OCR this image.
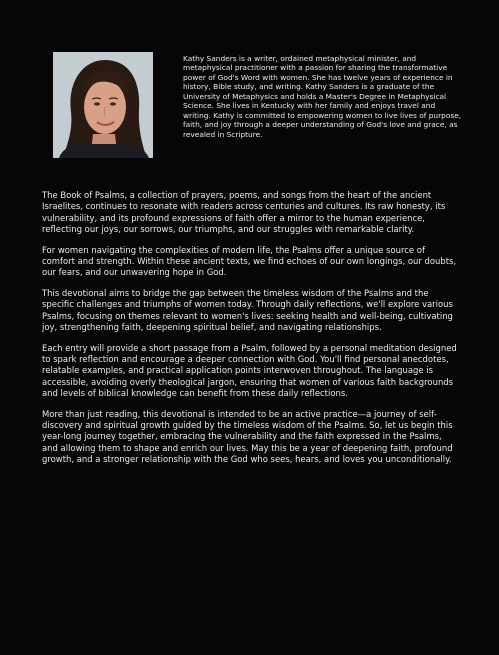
Kathy Sanders is a writer, ordained metaphysical minister, and metaphysical practitioner with a passion for sharing the transformative power of God's Word with women. She has twelve years of experience in history, Bible study, and writing. Kathy Sanders is a graduate of the University of Metaphysics and holds a Master's Degree in Metaphysical Science. She lives in Kentucky with her family and enjoys travel and writing. Kathy is committed to empowering women to live lives of purpose, faith, and joy through a deeper understanding of God's love and grace, as revealed in Scripture.

The Book of Psalms, a collection of prayers, poems, and songs from the heart of the ancient Israelites, continues to resonate with readers across centuries and cultures. Its raw honesty, its vulnerability, and its profound expressions of faith offer a mirror to the human experience, reflecting our joys, our sorrows, our triumphs, and our struggles with remarkable clarity.

For women navigating the complexities of modern life, the Psalms offer a unique source of comfort and strength. Within these ancient texts, we find echoes of our own longings, our doubts, our fears, and our unwavering hope in God.

This devotional aims to bridge the gap between the timeless wisdom of the Psalms and the specific challenges and triumphs of women today. Through daily reflections, we'll explore various Psalms, focusing on themes relevant to women's lives: seeking health and well-being, cultivating joy, strengthening faith, deepening spiritual belief, and navigating relationships.

Each entry will provide a short passage from a Psalm, followed by a personal meditation designed to spark reflection and encourage a deeper connection with God. You'll find personal anecdotes, relatable examples, and practical application points interwoven throughout. The language is accessible, avoiding overly theological jargon, ensuring that women of various faith backgrounds and levels of biblical knowledge can benefit from these daily reflections.

More than just reading, this devotional is intended to be an active practice—a journey of self-discovery and spiritual growth guided by the timeless wisdom of the Psalms. So, let us begin this year-long journey together, embracing the vulnerability and the faith expressed in the Psalms, and allowing them to shape and enrich our lives. May this be a year of deepening faith, profound growth, and a stronger relationship with the God who sees, hears, and loves you unconditionally.
